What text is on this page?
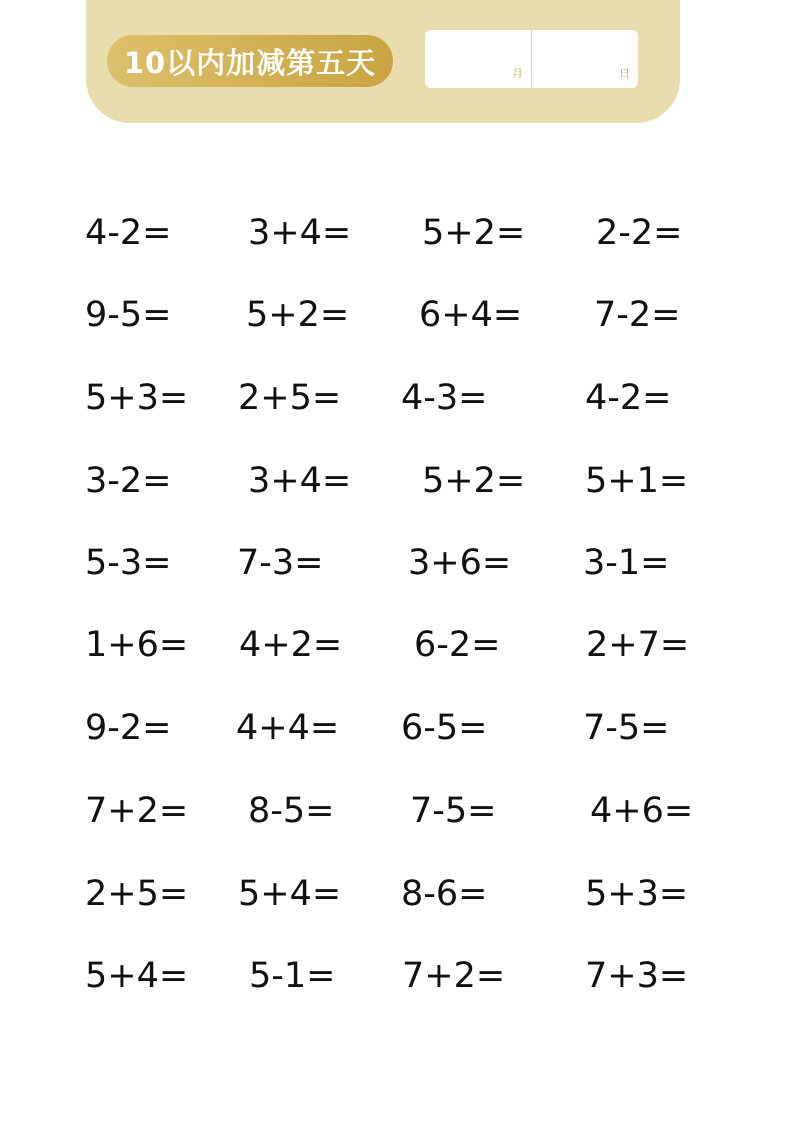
10以内加减第五天	月	日
4-2= 3+4= 5+2= 2-2=
9-5= 5+2= 6+4= 7-2=
5+3= 2+5= 4-3=	4-2=
3-2= 3+4= 5+2= 5+1=
5-3= 7-3= 3+6= 3-1=
1+6= 4+2= 6-2= 2+7=
9-2= 4+4= 6-5=	7-5=
7+2= 8-5= 7-5=	4+6=
2+5= 5+4= 8-6=	5+3=
5+4= 5-1= 7+2= 7+3=
